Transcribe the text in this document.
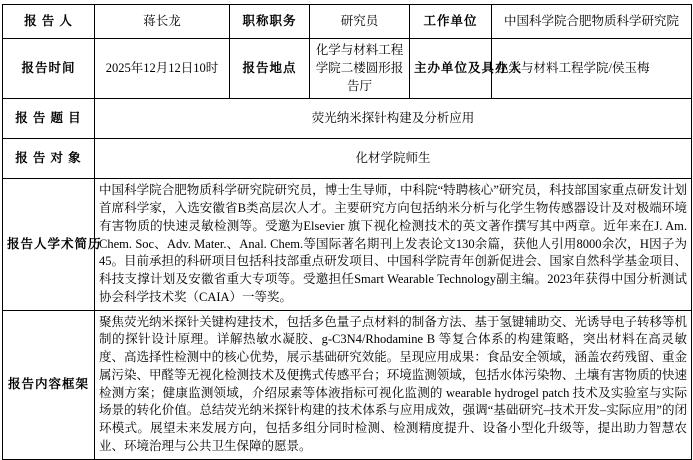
报 告 人	蒋长龙	职称职务	研究员	工作单位	中国科学院合肥物质科学研究院
报告时间	2025年12月12日10时	报告地点	化学与材料工程学院二楼圆形报告厅	主办单位及具办人	化学与材料工程学院/侯玉梅
报 告 题 目	荧光纳米探针构建及分析应用				
报 告 对 象	化材学院师生				

报告人学术简历	中国科学院合肥物质科学研究院研究员，博士生导师，中科院“特聘核心”研究员，科技部国家重点研发计划首席科学家，入选安徽省B类高层次人才。主要研究方向包括纳米分析与化学生物传感器设计及对极端环境有害物质的快速灵敏检测等。受邀为Elsevier 旗下视化检测技术的英文著作撰写其中两章。近年来在J. Am. Chem. Soc、Adv. Mater.、Anal. Chem.等国际著名期刊上发表论文130余篇，获他人引用8000余次，H因子为45。目前承担的科研项目包括科技部重点研发项目、中国科学院青年创新促进会、国家自然科学基金项目、科技支撑计划及安徽省重大专项等。受邀担任Smart Wearable Technology副主编。2023年获得中国分析测试协会科学技术奖（CAIA）一等奖。				
报告内容框架	聚焦荧光纳米探针关键构建技术，包括多色量子点材料的制备方法、基于氢键辅助交、光诱导电子转移等机制的探针设计原理。详解热敏水凝胶、g-C3N4/Rhodamine B 等复合体系的构建策略，突出材料在高灵敏度、高选择性检测中的核心优势，展示基础研究效能。呈现应用成果：食品安全领域，涵盖农药残留、重金属污染、甲醛等无视化检测技术及便携式传感平台；环境监测领域，包括水体污染物、土壤有害物质的快速检测方案；健康监测领域，介绍尿素等体液指标可视化监测的 wearable hydrogel patch 技术及实验室与实际场景的转化价值。总结荧光纳米探针构建的技术体系与应用成效，强调“基础研究–技术开发–实际应用”的闭环模式。展望未来发展方向，包括多组分同时检测、检测精度提升、设备小型化升级等，提出助力智慧农业、环境治理与公共卫生保障的愿景。				
